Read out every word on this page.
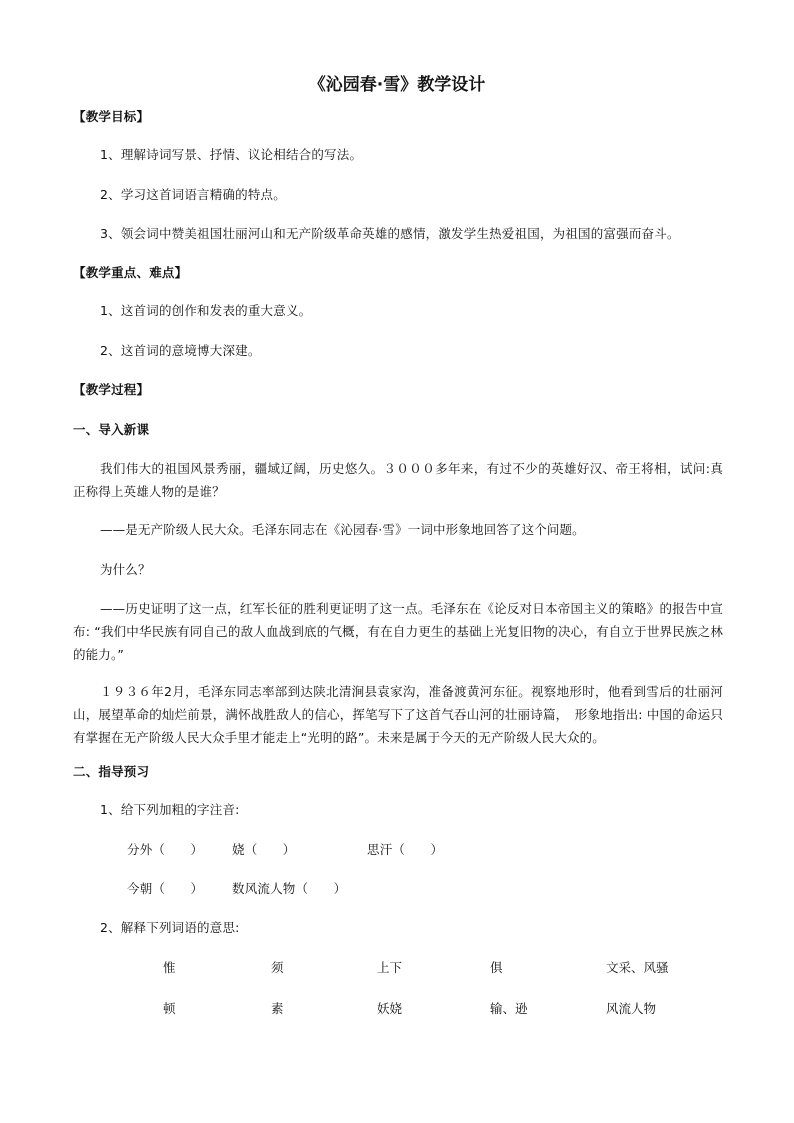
《沁园春·雪》教学设计
【教学目标】
1、理解诗词写景、抒情、议论相结合的写法。
2、学习这首词语言精确的特点。
3、领会词中赞美祖国壮丽河山和无产阶级革命英雄的感情，激发学生热爱祖国，为祖国的富强而奋斗。
【教学重点、难点】
1、这首词的创作和发表的重大意义。
2、这首词的意境博大深建。
【教学过程】
一、导入新课
我们伟大的祖国风景秀丽，疆域辽阔，历史悠久。３０００多年来，有过不少的英雄好汉、帝王将相，试问:真正称得上英雄人物的是谁？
——是无产阶级人民大众。毛泽东同志在《沁园春·雪》一词中形象地回答了这个问题。
为什么？
——历史证明了这一点，红军长征的胜利更证明了这一点。毛泽东在《论反对日本帝国主义的策略》的报告中宣布: “我们中华民族有同自己的敌人血战到底的气概，有在自力更生的基础上光复旧物的决心，有自立于世界民族之林的能力。”
１９３６年2月，毛泽东同志率部到达陕北清涧县袁家沟，准备渡黄河东征。视察地形时，他看到雪后的壮丽河山，展望革命的灿烂前景，满怀战胜敌人的信心，挥笔写下了这首气吞山河的壮丽诗篇，　形象地指出: 中国的命运只有掌握在无产阶级人民大众手里才能走上“光明的路”。未来是属于今天的无产阶级人民大众的。
二、指导预习
1、给下列加粗的字注音:
分外（　　） 娆（　　）	思汗（　　）
今朝（　　） 数风流人物（　　）
2、解释下列词语的意思:
惟	须	上下	俱	文采、风骚
顿	素	妖娆	输、逊	风流人物
